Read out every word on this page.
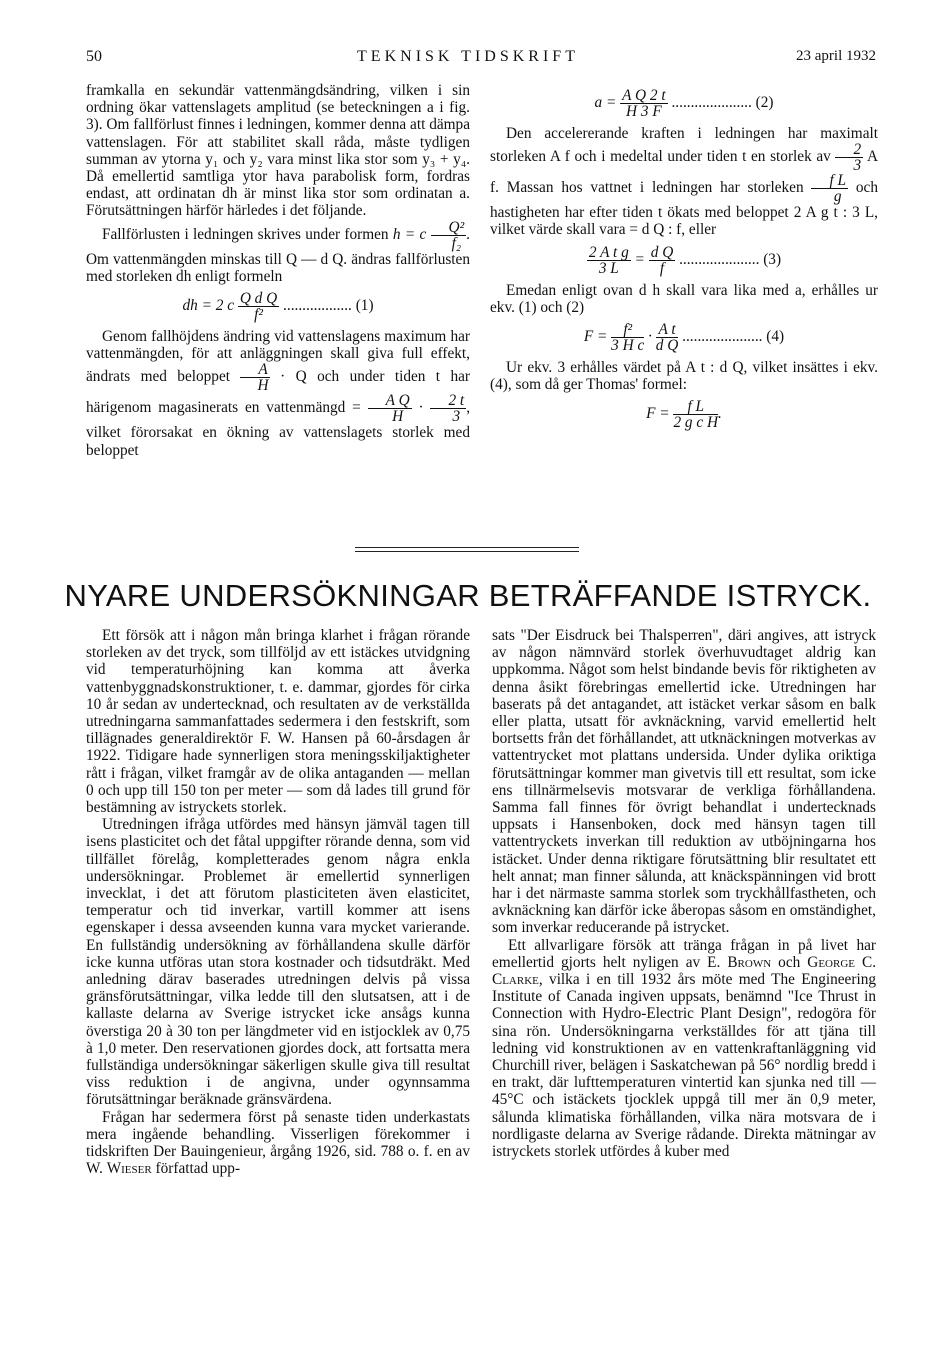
50	TEKNISK TIDSKRIFT	23 april 1932

framkalla en sekundär vattenmängdsändring, vilken i sin ordning ökar vattenslagets amplitud (se beteckningen a i fig. 3). Om fallförlust finnes i ledningen, kommer denna att dämpa vattenslagen. För att stabilitet skall råda, måste tydligen summan av ytorna y₁ och y₂ vara minst lika stor som y₃ + y₄. Då emellertid samtliga ytor hava parabolisk form, fordras endast, att ordinatan dh är minst lika stor som ordinatan a. Förutsättningen härför härledes i det följande.

Fallförlusten i ledningen skrives under formen h = c $\frac{\text{Q²}}{\text{f₂}}$ . Om vattenmängden minskas till Q — d Q. ändras fallförlusten med storleken dh enligt formeln

dh = 2 c $\frac{\text{Q d Q}}{\text{f²}}$ .................. (1)

Genom fallhöjdens ändring vid vattenslagens maximum har vattenmängden, för att anläggningen skall giva full effekt, ändrats med beloppet $\frac{A}{H} \cdot Q$ och under tiden t har härigenom magasinerats en vattenmängd = $\frac{\text{A Q}}{H} \cdot \frac{2 t}{3}$ , vilket förorsakat en ökning av vattenslagets storlek med beloppet

$a = \frac{\text{A Q 2 t}}{H 3 F}$ ..................... (2)

Den accelererande kraften i ledningen har maximalt storleken A f och i medeltal under tiden t en storlek av $\frac{2}{3}$ A f. Massan hos vattnet i ledningen har storleken $\frac{\text{f L}}{g}$ och hastigheten har efter tiden t ökats med beloppet 2 A g t : 3 L, vilket värde skall vara = d Q : f, eller

$\frac{\text{2 A t g}}{3 L} = \frac{\text{d Q}}{f}$ ..................... (3)

Emedan enligt ovan d h skall vara lika med a, erhålles ur ekv. (1) och (2)

$F = \frac{\text{f²}}{\text{3 H c}} \cdot \frac{\text{A t}}{\text{d Q}}$ ..................... (4)

Ur ekv. 3 erhålles värdet på A t : d Q, vilket insättes i ekv. (4), som då ger Thomas' formel:

$F = \frac{\text{f L}}{\text{2 g c H}}$ .

NYARE UNDERSÖKNINGAR BETRÄFFANDE ISTRYCK.

Ett försök att i någon mån bringa klarhet i frågan rörande storleken av det tryck, som tillföljd av ett istäckes utvidgning vid temperaturhöjning kan komma att åverka vattenbyggnadskonstruktioner, t. e. dammar, gjordes för cirka 10 år sedan av undertecknad, och resultaten av de verkställda utredningarna sammanfattades sedermera i den festskrift, som tillägnades generaldirektör F. W. Hansen på 60-årsdagen år 1922. Tidigare hade synnerligen stora meningsskiljaktigheter rått i frågan, vilket framgår av de olika antaganden — mellan 0 och upp till 150 ton per meter — som då lades till grund för bestämning av istryckets storlek.

Utredningen ifråga utfördes med hänsyn jämväl tagen till isens plasticitet och det fåtal uppgifter rörande denna, som vid tillfället förelåg, kompletterades genom några enkla undersökningar. Problemet är emellertid synnerligen invecklat, i det att förutom plasticiteten även elasticitet, temperatur och tid inverkar, vartill kommer att isens egenskaper i dessa avseenden kunna vara mycket varierande. En fullständig undersökning av förhållandena skulle därför icke kunna utföras utan stora kostnader och tidsutdräkt. Med anledning därav baserades utredningen delvis på vissa gränsförutsättningar, vilka ledde till den slutsatsen, att i de kallaste delarna av Sverige istrycket icke ansågs kunna överstiga 20 à 30 ton per längdmeter vid en istjocklek av 0,75 à 1,0 meter. Den reservationen gjordes dock, att fortsatta mera fullständiga undersökningar säkerligen skulle giva till resultat viss reduktion i de angivna, under ogynnsamma förutsättningar beräknade gränsvärdena.

Frågan har sedermera först på senaste tiden underkastats mera ingående behandling. Visserligen förekommer i tidskriften Der Bauingenieur, årgång 1926, sid. 788 o. f. en av W. Wieser författad upp-

sats "Der Eisdruck bei Thalsperren", däri angives, att istryck av någon nämnvärd storlek överhuvudtaget aldrig kan uppkomma. Något som helst bindande bevis för riktigheten av denna åsikt förebringas emellertid icke. Utredningen har baserats på det antagandet, att istäcket verkar såsom en balk eller platta, utsatt för avknäckning, varvid emellertid helt bortsetts från det förhållandet, att utknäckningen motverkas av vattentrycket mot plattans undersida. Under dylika oriktiga förutsättningar kommer man givetvis till ett resultat, som icke ens tillnärmelsevis motsvarar de verkliga förhållandena. Samma fall finnes för övrigt behandlat i undertecknads uppsats i Hansenboken, dock med hänsyn tagen till vattentryckets inverkan till reduktion av utböjningarna hos istäcket. Under denna riktigare förutsättning blir resultatet ett helt annat; man finner sålunda, att knäckspänningen vid brott har i det närmaste samma storlek som tryckhållfastheten, och avknäckning kan därför icke åberopas såsom en omständighet, som inverkar reducerande på istrycket.

Ett allvarligare försök att tränga frågan in på livet har emellertid gjorts helt nyligen av E. Brown och George C. Clarke, vilka i en till 1932 års möte med The Engineering Institute of Canada ingiven uppsats, benämnd "Ice Thrust in Connection with Hydro-Electric Plant Design", redogöra för sina rön. Undersökningarna verkställdes för att tjäna till ledning vid konstruktionen av en vattenkraftanläggning vid Churchill river, belägen i Saskatchewan på 56° nordlig bredd i en trakt, där lufttemperaturen vintertid kan sjunka ned till — 45°C och istäckets tjocklek uppgå till mer än 0,9 meter, sålunda klimatiska förhållanden, vilka nära motsvara de i nordligaste delarna av Sverige rådande. Direkta mätningar av istryckets storlek utfördes å kuber med
